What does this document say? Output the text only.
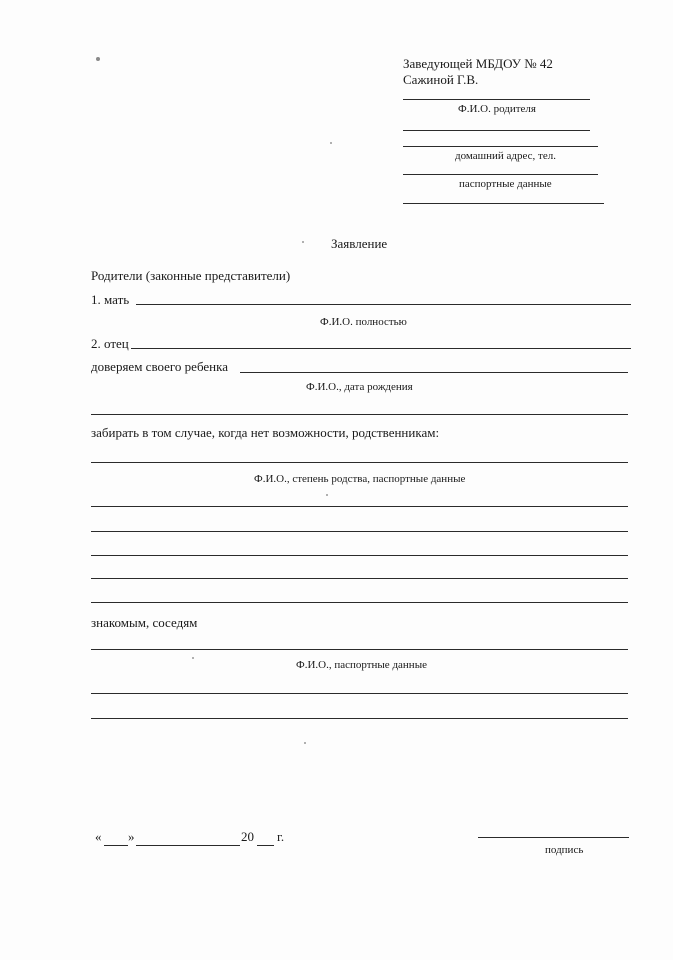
Заведующей МБДОУ № 42
Сажиной Г.В.
Ф.И.О. родителя
домашний адрес, тел.
паспортные данные
Заявление
Родители (законные представители)
1. мать
Ф.И.О. полностью
2. отец
доверяем своего ребенка
Ф.И.О., дата рождения
забирать в том случае, когда нет возможности, родственникам:
Ф.И.О., степень родства, паспортные данные
знакомым, соседям
Ф.И.О., паспортные данные
« »	20 г.
подпись
